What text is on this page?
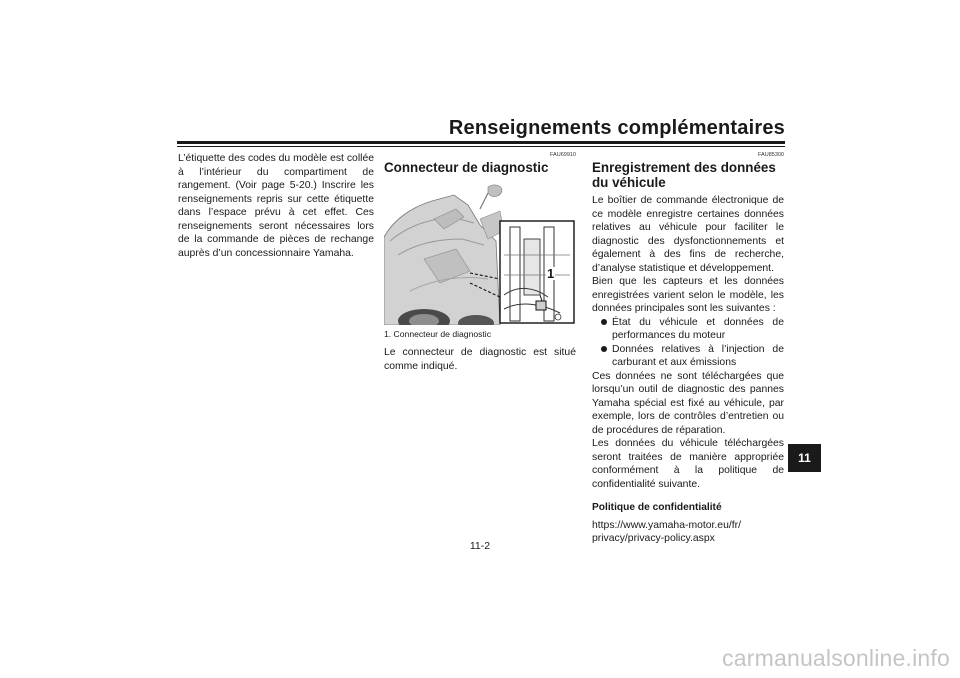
Renseignements complémentaires

L’étiquette des codes du modèle est collée à l’intérieur du compartiment de rangement. (Voir page 5-20.) Inscrire les renseignements repris sur cette étiquette dans l’espace prévu à cet effet. Ces renseignements seront nécessaires lors de la commande de pièces de rechange auprès d’un concessionnaire Yamaha.

FAU69910
Connecteur de diagnostic
1
1. Connecteur de diagnostic

Le connecteur de diagnostic est situé comme indiqué.

FAU85300
Enregistrement des données du véhicule

Le boîtier de commande électronique de ce modèle enregistre certaines données relatives au véhicule pour faciliter le diagnostic des dysfonctionnements et également à des fins de recherche, d’analyse statistique et développement.

Bien que les capteurs et les données enregistrées varient selon le modèle, les données principales sont les suivantes :

État du véhicule et données de performances du moteur
Données relatives à l’injection de carburant et aux émissions

Ces données ne sont téléchargées que lorsqu’un outil de diagnostic des pannes Yamaha spécial est fixé au véhicule, par exemple, lors de contrôles d’entretien ou de procédures de réparation.

Les données du véhicule téléchargées seront traitées de manière appropriée conformément à la politique de confidentialité suivante.

Politique de confidentialité

https://www.yamaha-motor.eu/fr/

privacy/privacy-policy.aspx

11
11-2
carmanualsonline.info
